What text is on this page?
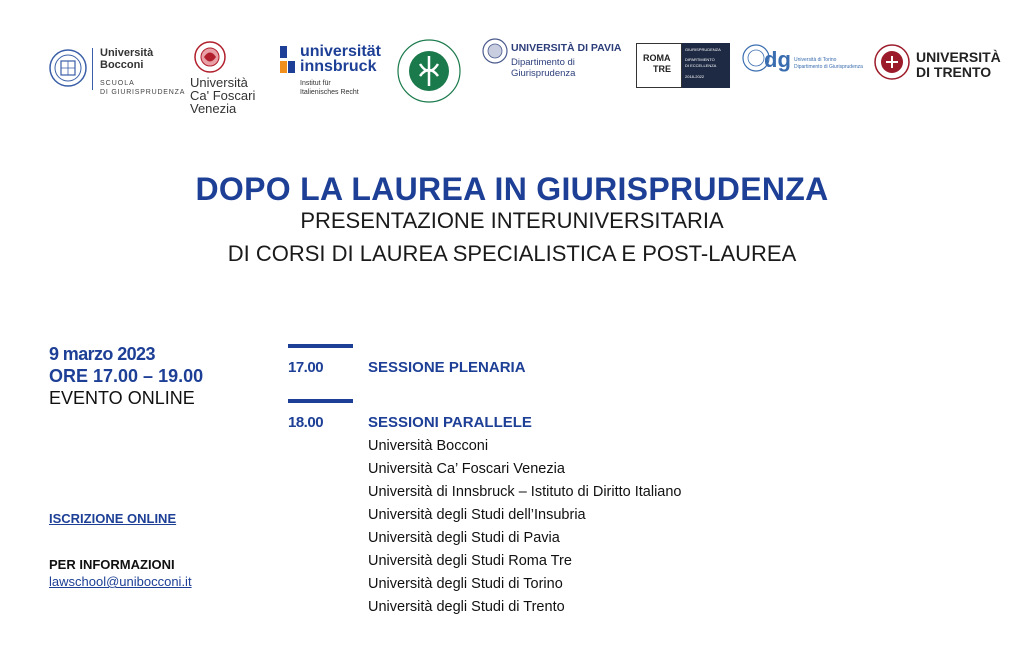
Università
Bocconi
SCUOLA
DI GIURISPRUDENZA
Università
Ca' Foscari
Venezia
universität
innsbruck
Institut für
Italienisches Recht
UNIVERSITÀ DI PAVIA
Dipartimento di
Giurisprudenza
ROMA
TRE
GIURISPRUDENZA
DIPARTIMENTO
DI ECCELLENZA
2018-2022
dg Università di Torino
Dipartimento di Giurisprudenza
UNIVERSITÀ
DI TRENTO
DOPO LA LAUREA IN GIURISPRUDENZA
PRESENTAZIONE INTERUNIVERSITARIA
DI CORSI DI LAUREA SPECIALISTICA E POST-LAUREA
9 marzo 2023
ORE 17.00 – 19.00
EVENTO ONLINE
ISCRIZIONE ONLINE
PER INFORMAZIONI
lawschool@unibocconi.it
17.00	SESSIONE PLENARIA
18.00	SESSIONI PARALLELE
Università Bocconi
Università Ca’ Foscari Venezia
Università di Innsbruck – Istituto di Diritto Italiano
Università degli Studi dell’Insubria
Università degli Studi di Pavia
Università degli Studi Roma Tre
Università degli Studi di Torino
Università degli Studi di Trento
